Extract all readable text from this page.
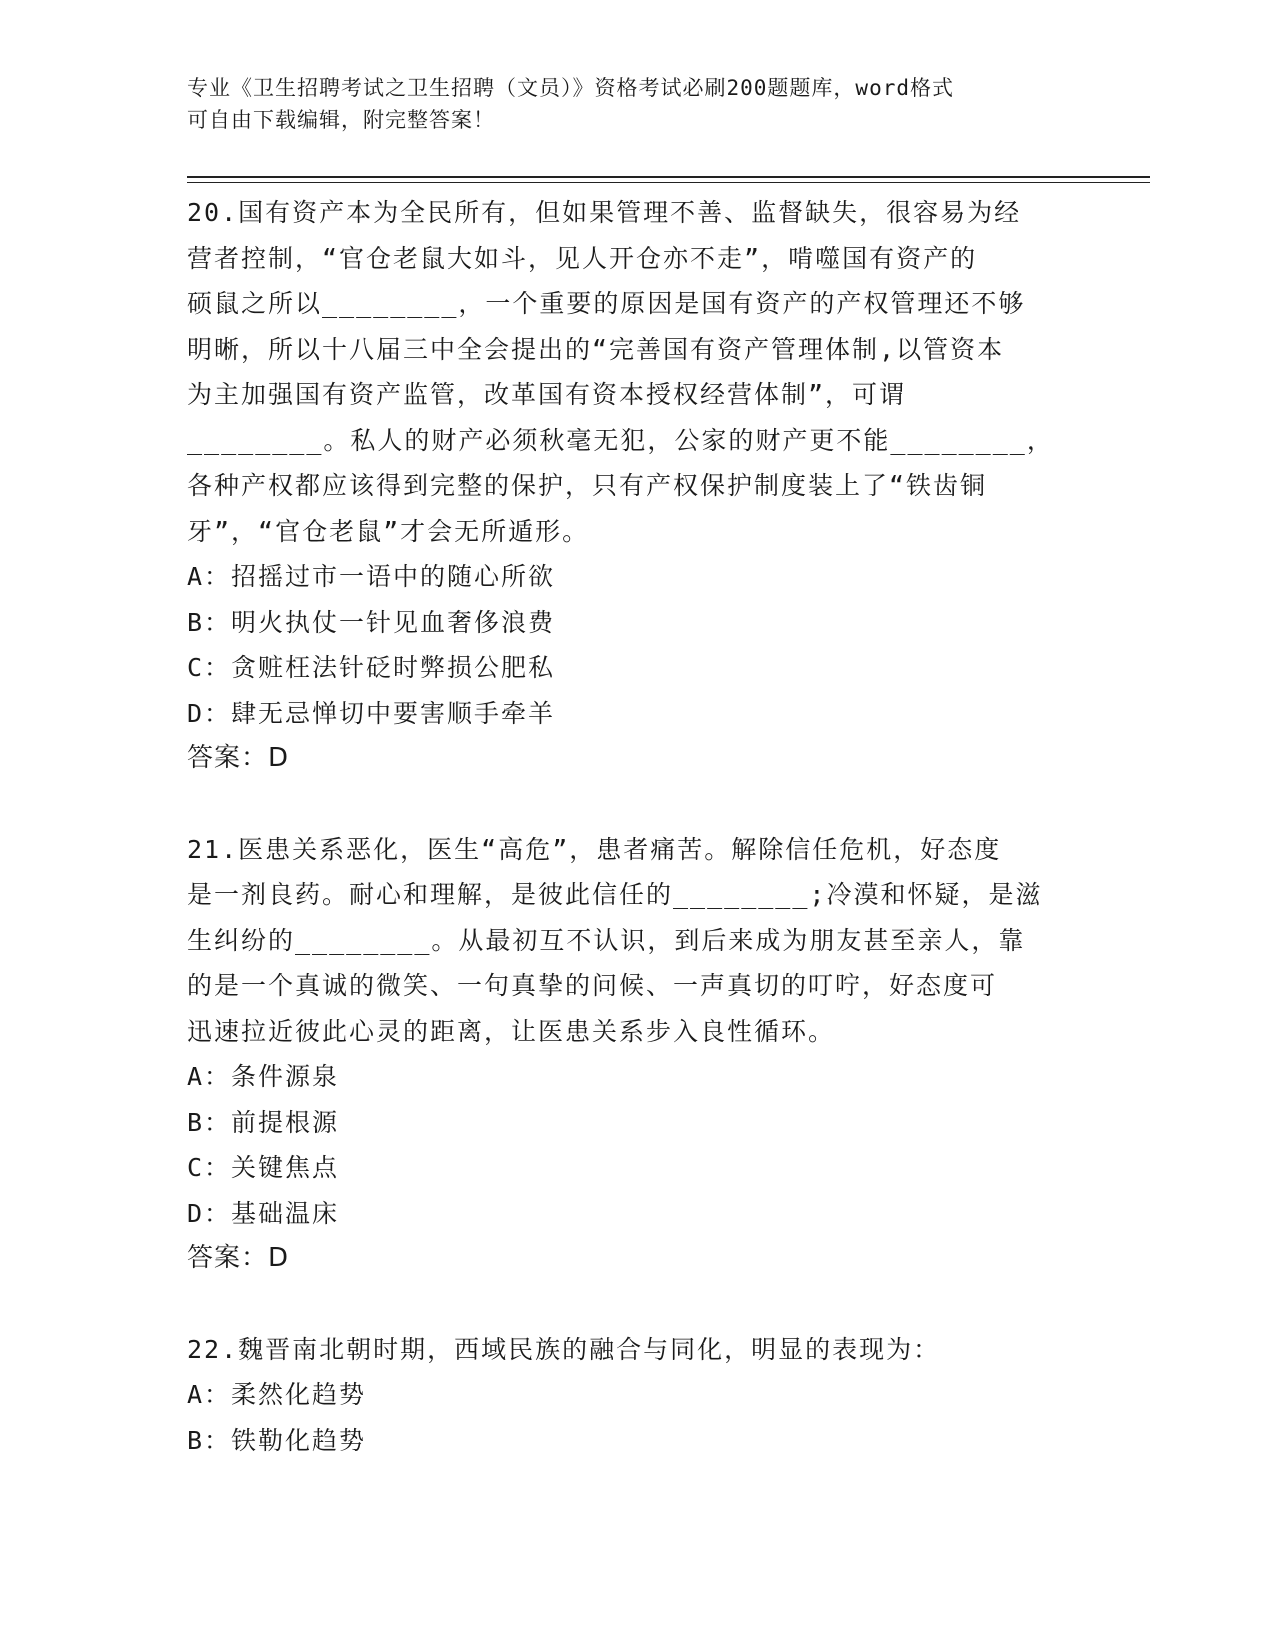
专业《卫生招聘考试之卫生招聘（文员）》资格考试必刷200题题库，word格式
可自由下载编辑，附完整答案！
20.国有资产本为全民所有，但如果管理不善、监督缺失，很容易为经
营者控制，“官仓老鼠大如斗，见人开仓亦不走”，啃噬国有资产的
硕鼠之所以________，一个重要的原因是国有资产的产权管理还不够
明晰，所以十八届三中全会提出的“完善国有资产管理体制,以管资本
为主加强国有资产监管，改革国有资本授权经营体制”，可谓
________。私人的财产必须秋毫无犯，公家的财产更不能________，
各种产权都应该得到完整的保护，只有产权保护制度装上了“铁齿铜
牙”，“官仓老鼠”才会无所遁形。
A：招摇过市一语中的随心所欲
B：明火执仗一针见血奢侈浪费
C：贪赃枉法针砭时弊损公肥私
D：肆无忌惮切中要害顺手牵羊
答案：D
21.医患关系恶化，医生“高危”，患者痛苦。解除信任危机，好态度
是一剂良药。耐心和理解，是彼此信任的________;冷漠和怀疑，是滋
生纠纷的________。从最初互不认识，到后来成为朋友甚至亲人，靠
的是一个真诚的微笑、一句真挚的问候、一声真切的叮咛，好态度可
迅速拉近彼此心灵的距离，让医患关系步入良性循环。
A：条件源泉
B：前提根源
C：关键焦点
D：基础温床
答案：D
22.魏晋南北朝时期，西域民族的融合与同化，明显的表现为：
A：柔然化趋势
B：铁勒化趋势
